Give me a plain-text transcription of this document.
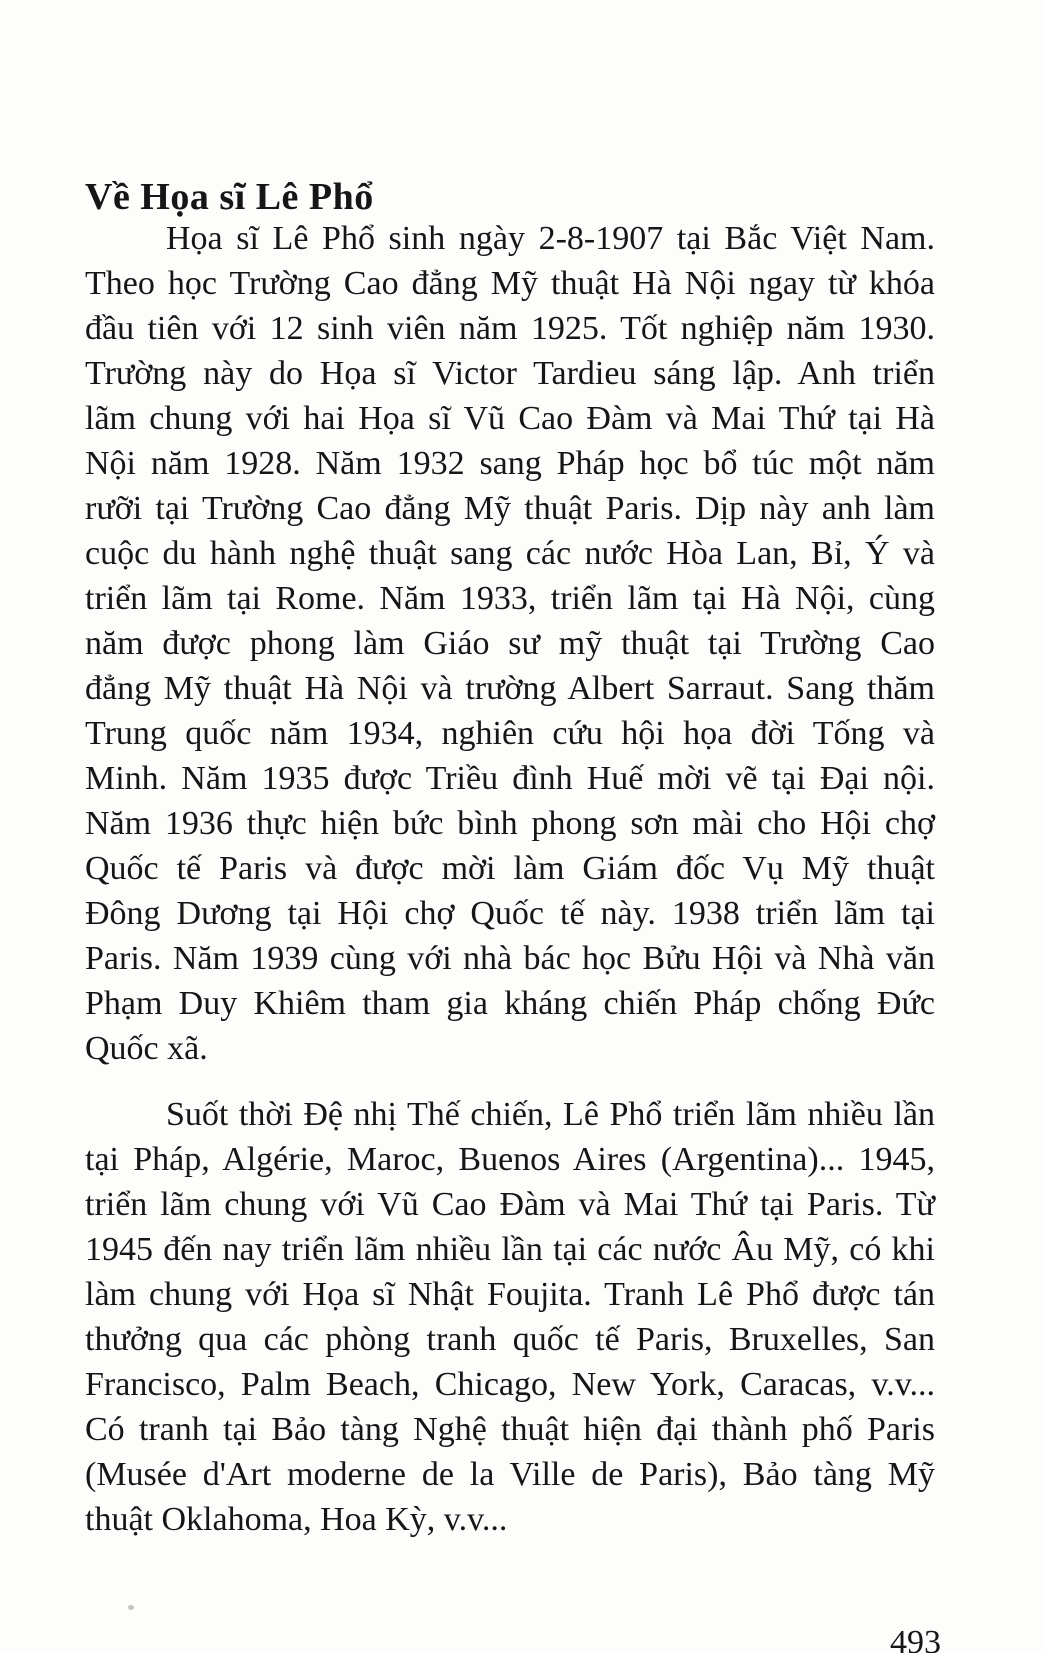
Về Họa sĩ Lê Phổ
Họa sĩ Lê Phổ sinh ngày 2-8-1907 tại Bắc Việt Nam.
Theo học Trường Cao đẳng Mỹ thuật Hà Nội ngay từ khóa
đầu tiên với 12 sinh viên năm 1925. Tốt nghiệp năm 1930.
Trường này do Họa sĩ Victor Tardieu sáng lập. Anh triển
lãm chung với hai Họa sĩ Vũ Cao Đàm và Mai Thứ tại Hà
Nội năm 1928. Năm 1932 sang Pháp học bổ túc một năm
rưỡi tại Trường Cao đẳng Mỹ thuật Paris. Dịp này anh làm
cuộc du hành nghệ thuật sang các nước Hòa Lan, Bỉ, Ý và
triển lãm tại Rome. Năm 1933, triển lãm tại Hà Nội, cùng
năm được phong làm Giáo sư mỹ thuật tại Trường Cao
đẳng Mỹ thuật Hà Nội và trường Albert Sarraut. Sang thăm
Trung quốc năm 1934, nghiên cứu hội họa đời Tống và
Minh. Năm 1935 được Triều đình Huế mời vẽ tại Đại nội.
Năm 1936 thực hiện bức bình phong sơn mài cho Hội chợ
Quốc tế Paris và được mời làm Giám đốc Vụ Mỹ thuật
Đông Dương tại Hội chợ Quốc tế này. 1938 triển lãm tại
Paris. Năm 1939 cùng với nhà bác học Bửu Hội và Nhà văn
Phạm Duy Khiêm tham gia kháng chiến Pháp chống Đức
Quốc xã.
Suốt thời Đệ nhị Thế chiến, Lê Phổ triển lãm nhiều lần
tại Pháp, Algérie, Maroc, Buenos Aires (Argentina)... 1945,
triển lãm chung với Vũ Cao Đàm và Mai Thứ tại Paris. Từ
1945 đến nay triển lãm nhiều lần tại các nước Âu Mỹ, có khi
làm chung với Họa sĩ Nhật Foujita. Tranh Lê Phổ được tán
thưởng qua các phòng tranh quốc tế Paris, Bruxelles, San
Francisco, Palm Beach, Chicago, New York, Caracas, v.v...
Có tranh tại Bảo tàng Nghệ thuật hiện đại thành phố Paris
(Musée d'Art moderne de la Ville de Paris), Bảo tàng Mỹ
thuật Oklahoma, Hoa Kỳ, v.v...
493
